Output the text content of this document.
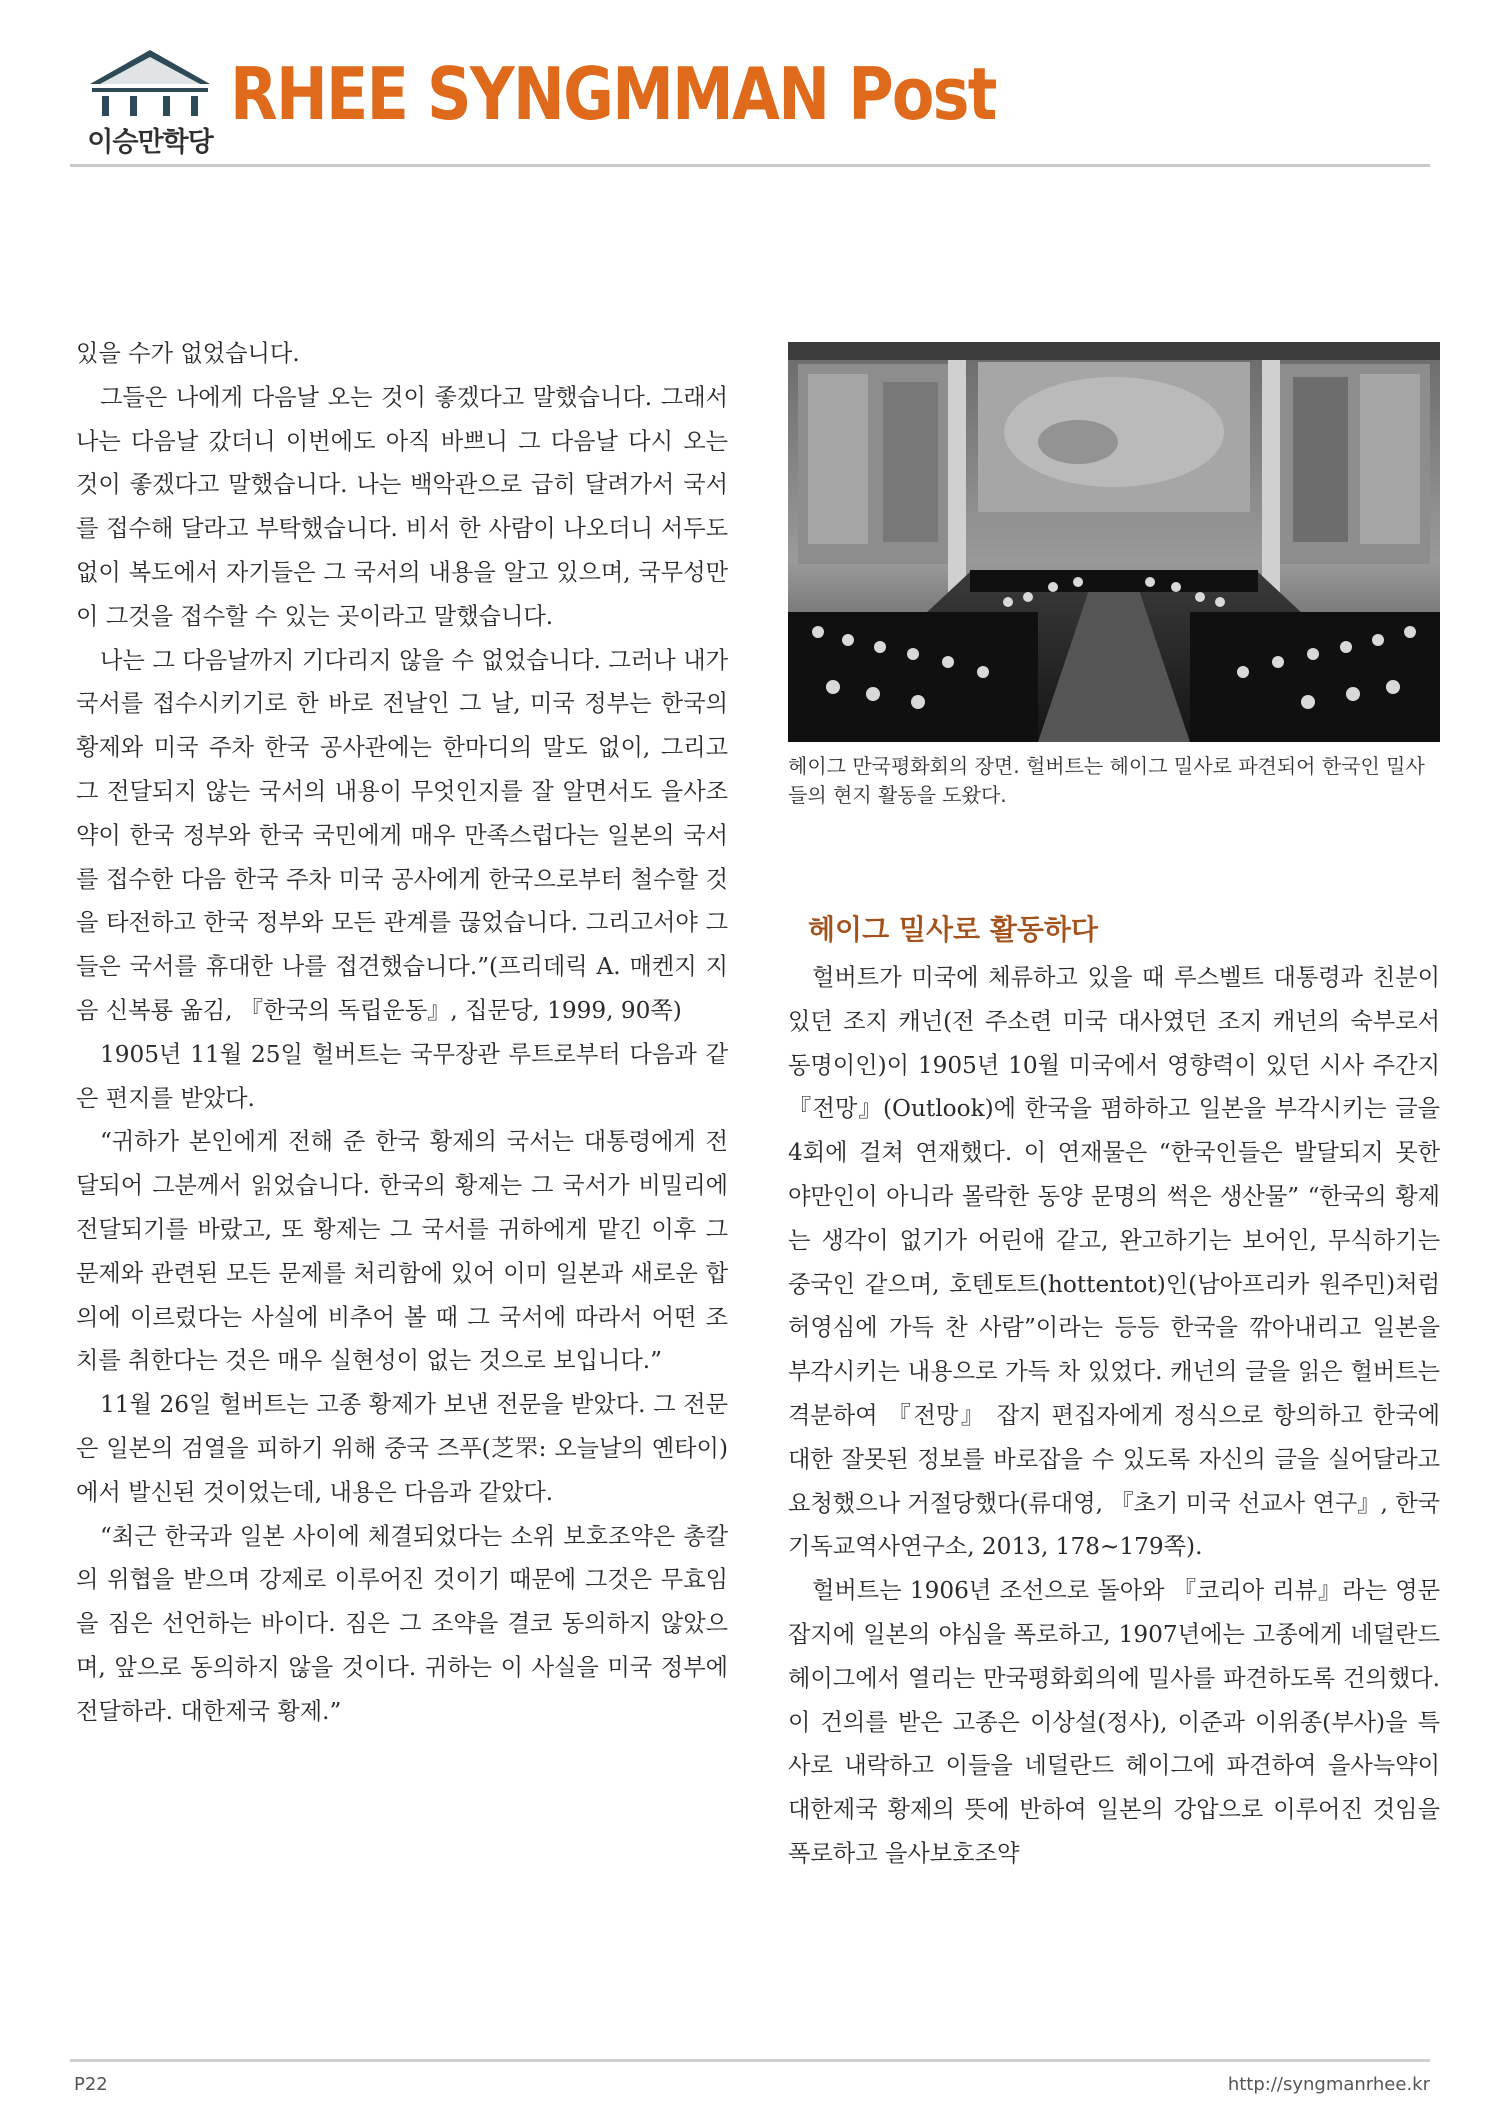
이승만학당
RHEE SYNGMMAN Post

있을 수가 없었습니다.

그들은 나에게 다음날 오는 것이 좋겠다고 말했습니다. 그래서 나는 다음날 갔더니 이번에도 아직 바쁘니 그 다음날 다시 오는 것이 좋겠다고 말했습니다. 나는 백악관으로 급히 달려가서 국서를 접수해 달라고 부탁했습니다. 비서 한 사람이 나오더니 서두도 없이 복도에서 자기들은 그 국서의 내용을 알고 있으며, 국무성만이 그것을 접수할 수 있는 곳이라고 말했습니다.

나는 그 다음날까지 기다리지 않을 수 없었습니다. 그러나 내가 국서를 접수시키기로 한 바로 전날인 그 날, 미국 정부는 한국의 황제와 미국 주차 한국 공사관에는 한마디의 말도 없이, 그리고 그 전달되지 않는 국서의 내용이 무엇인지를 잘 알면서도 을사조약이 한국 정부와 한국 국민에게 매우 만족스럽다는 일본의 국서를 접수한 다음 한국 주차 미국 공사에게 한국으로부터 철수할 것을 타전하고 한국 정부와 모든 관계를 끊었습니다. 그리고서야 그들은 국서를 휴대한 나를 접견했습니다.”(프리데릭 A. 매켄지 지음 신복룡 옮김, 『한국의 독립운동』, 집문당, 1999, 90쪽)

1905년 11월 25일 헐버트는 국무장관 루트로부터 다음과 같은 편지를 받았다.

“귀하가 본인에게 전해 준 한국 황제의 국서는 대통령에게 전달되어 그분께서 읽었습니다. 한국의 황제는 그 국서가 비밀리에 전달되기를 바랐고, 또 황제는 그 국서를 귀하에게 맡긴 이후 그 문제와 관련된 모든 문제를 처리함에 있어 이미 일본과 새로운 합의에 이르렀다는 사실에 비추어 볼 때 그 국서에 따라서 어떤 조치를 취한다는 것은 매우 실현성이 없는 것으로 보입니다.”

11월 26일 헐버트는 고종 황제가 보낸 전문을 받았다. 그 전문은 일본의 검열을 피하기 위해 중국 즈푸(芝罘: 오늘날의 옌타이)에서 발신된 것이었는데, 내용은 다음과 같았다.

“최근 한국과 일본 사이에 체결되었다는 소위 보호조약은 총칼의 위협을 받으며 강제로 이루어진 것이기 때문에 그것은 무효임을 짐은 선언하는 바이다. 짐은 그 조약을 결코 동의하지 않았으며, 앞으로 동의하지 않을 것이다. 귀하는 이 사실을 미국 정부에 전달하라. 대한제국 황제.”

헤이그 만국평화회의 장면. 헐버트는 헤이그 밀사로 파견되어 한국인 밀사들의 현지 활동을 도왔다.
헤이그 밀사로 활동하다

헐버트가 미국에 체류하고 있을 때 루스벨트 대통령과 친분이 있던 조지 캐넌(전 주소련 미국 대사였던 조지 캐넌의 숙부로서 동명이인)이 1905년 10월 미국에서 영향력이 있던 시사 주간지 『전망』(Outlook)에 한국을 폄하하고 일본을 부각시키는 글을 4회에 걸쳐 연재했다. 이 연재물은 “한국인들은 발달되지 못한 야만인이 아니라 몰락한 동양 문명의 썩은 생산물” “한국의 황제는 생각이 없기가 어린애 같고, 완고하기는 보어인, 무식하기는 중국인 같으며, 호텐토트(hottentot)인(남아프리카 원주민)처럼 허영심에 가득 찬 사람”이라는 등등 한국을 깎아내리고 일본을 부각시키는 내용으로 가득 차 있었다. 캐넌의 글을 읽은 헐버트는 격분하여 『전망』 잡지 편집자에게 정식으로 항의하고 한국에 대한 잘못된 정보를 바로잡을 수 있도록 자신의 글을 실어달라고 요청했으나 거절당했다(류대영, 『초기 미국 선교사 연구』, 한국기독교역사연구소, 2013, 178~179쪽).

헐버트는 1906년 조선으로 돌아와 『코리아 리뷰』라는 영문 잡지에 일본의 야심을 폭로하고, 1907년에는 고종에게 네덜란드 헤이그에서 열리는 만국평화회의에 밀사를 파견하도록 건의했다. 이 건의를 받은 고종은 이상설(정사), 이준과 이위종(부사)을 특사로 내락하고 이들을 네덜란드 헤이그에 파견하여 을사늑약이 대한제국 황제의 뜻에 반하여 일본의 강압으로 이루어진 것임을 폭로하고 을사보호조약

P22	http://syngmanrhee.kr
